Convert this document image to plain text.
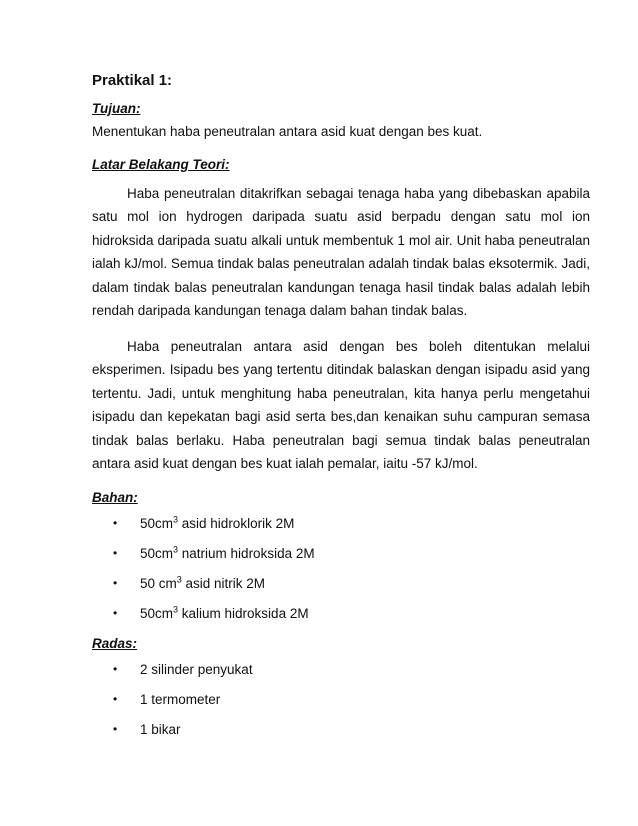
Praktikal 1:
Tujuan:

Menentukan haba peneutralan antara asid kuat dengan bes kuat.

Latar Belakang Teori:

Haba peneutralan ditakrifkan sebagai tenaga haba yang dibebaskan apabila satu mol ion hydrogen daripada suatu asid berpadu dengan satu mol ion hidroksida daripada suatu alkali untuk membentuk 1 mol air. Unit haba peneutralan ialah kJ/mol. Semua tindak balas peneutralan adalah tindak balas eksotermik. Jadi, dalam tindak balas peneutralan kandungan tenaga hasil tindak balas adalah lebih rendah daripada kandungan tenaga dalam bahan tindak balas.

Haba peneutralan antara asid dengan bes boleh ditentukan melalui eksperimen. Isipadu bes yang tertentu ditindak balaskan dengan isipadu asid yang tertentu. Jadi, untuk menghitung haba peneutralan, kita hanya perlu mengetahui isipadu dan kepekatan bagi asid serta bes,dan kenaikan suhu campuran semasa tindak balas berlaku. Haba peneutralan bagi semua tindak balas peneutralan antara asid kuat dengan bes kuat ialah pemalar, iaitu -57 kJ/mol.

Bahan:
• $50cm^3$ asid hidroklorik 2M
• $50cm^3$ natrium hidroksida 2M
• 50 $cm^3$ asid nitrik 2M
• $50cm^3$ kalium hidroksida 2M
Radas:
• 2 silinder penyukat
• 1 termometer
• 1 bikar
